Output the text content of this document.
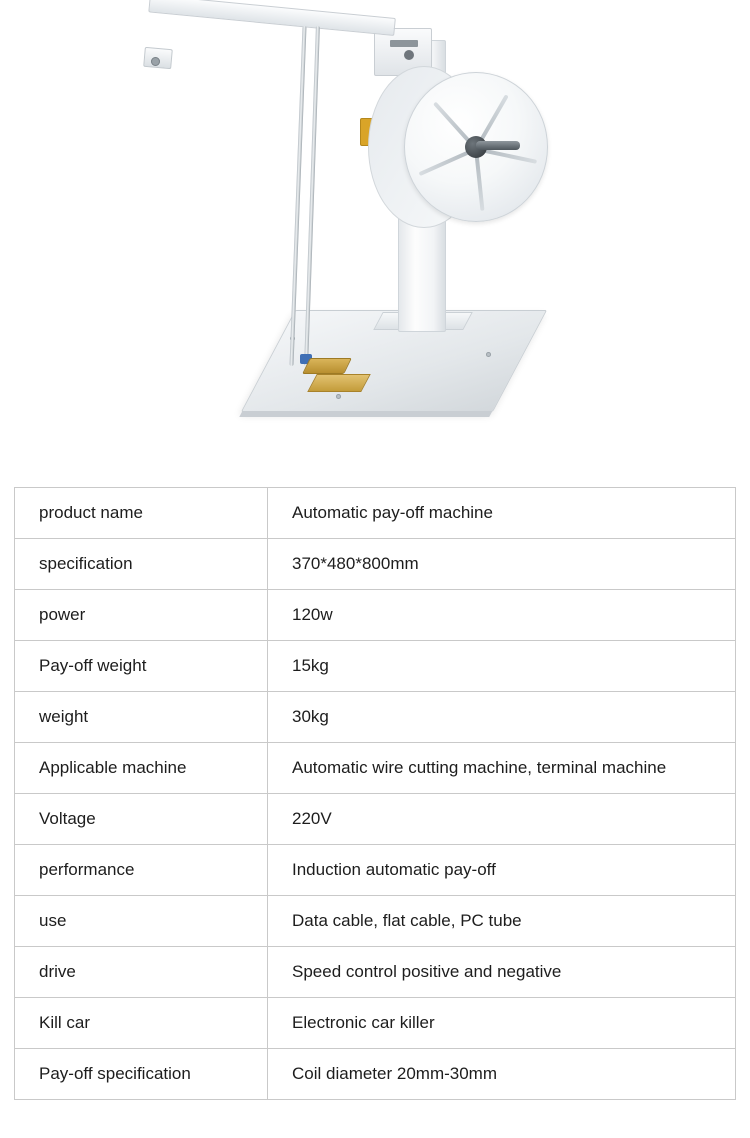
product name	Automatic pay-off machine
specification	370*480*800mm
power	120w
Pay-off weight	15kg
weight	30kg
Applicable machine	Automatic wire cutting machine, terminal machine
Voltage	220V
performance	Induction automatic pay-off
use	Data cable, flat cable, PC tube
drive	Speed control positive and negative
Kill car	Electronic car killer
Pay-off specification	Coil diameter 20mm-30mm
